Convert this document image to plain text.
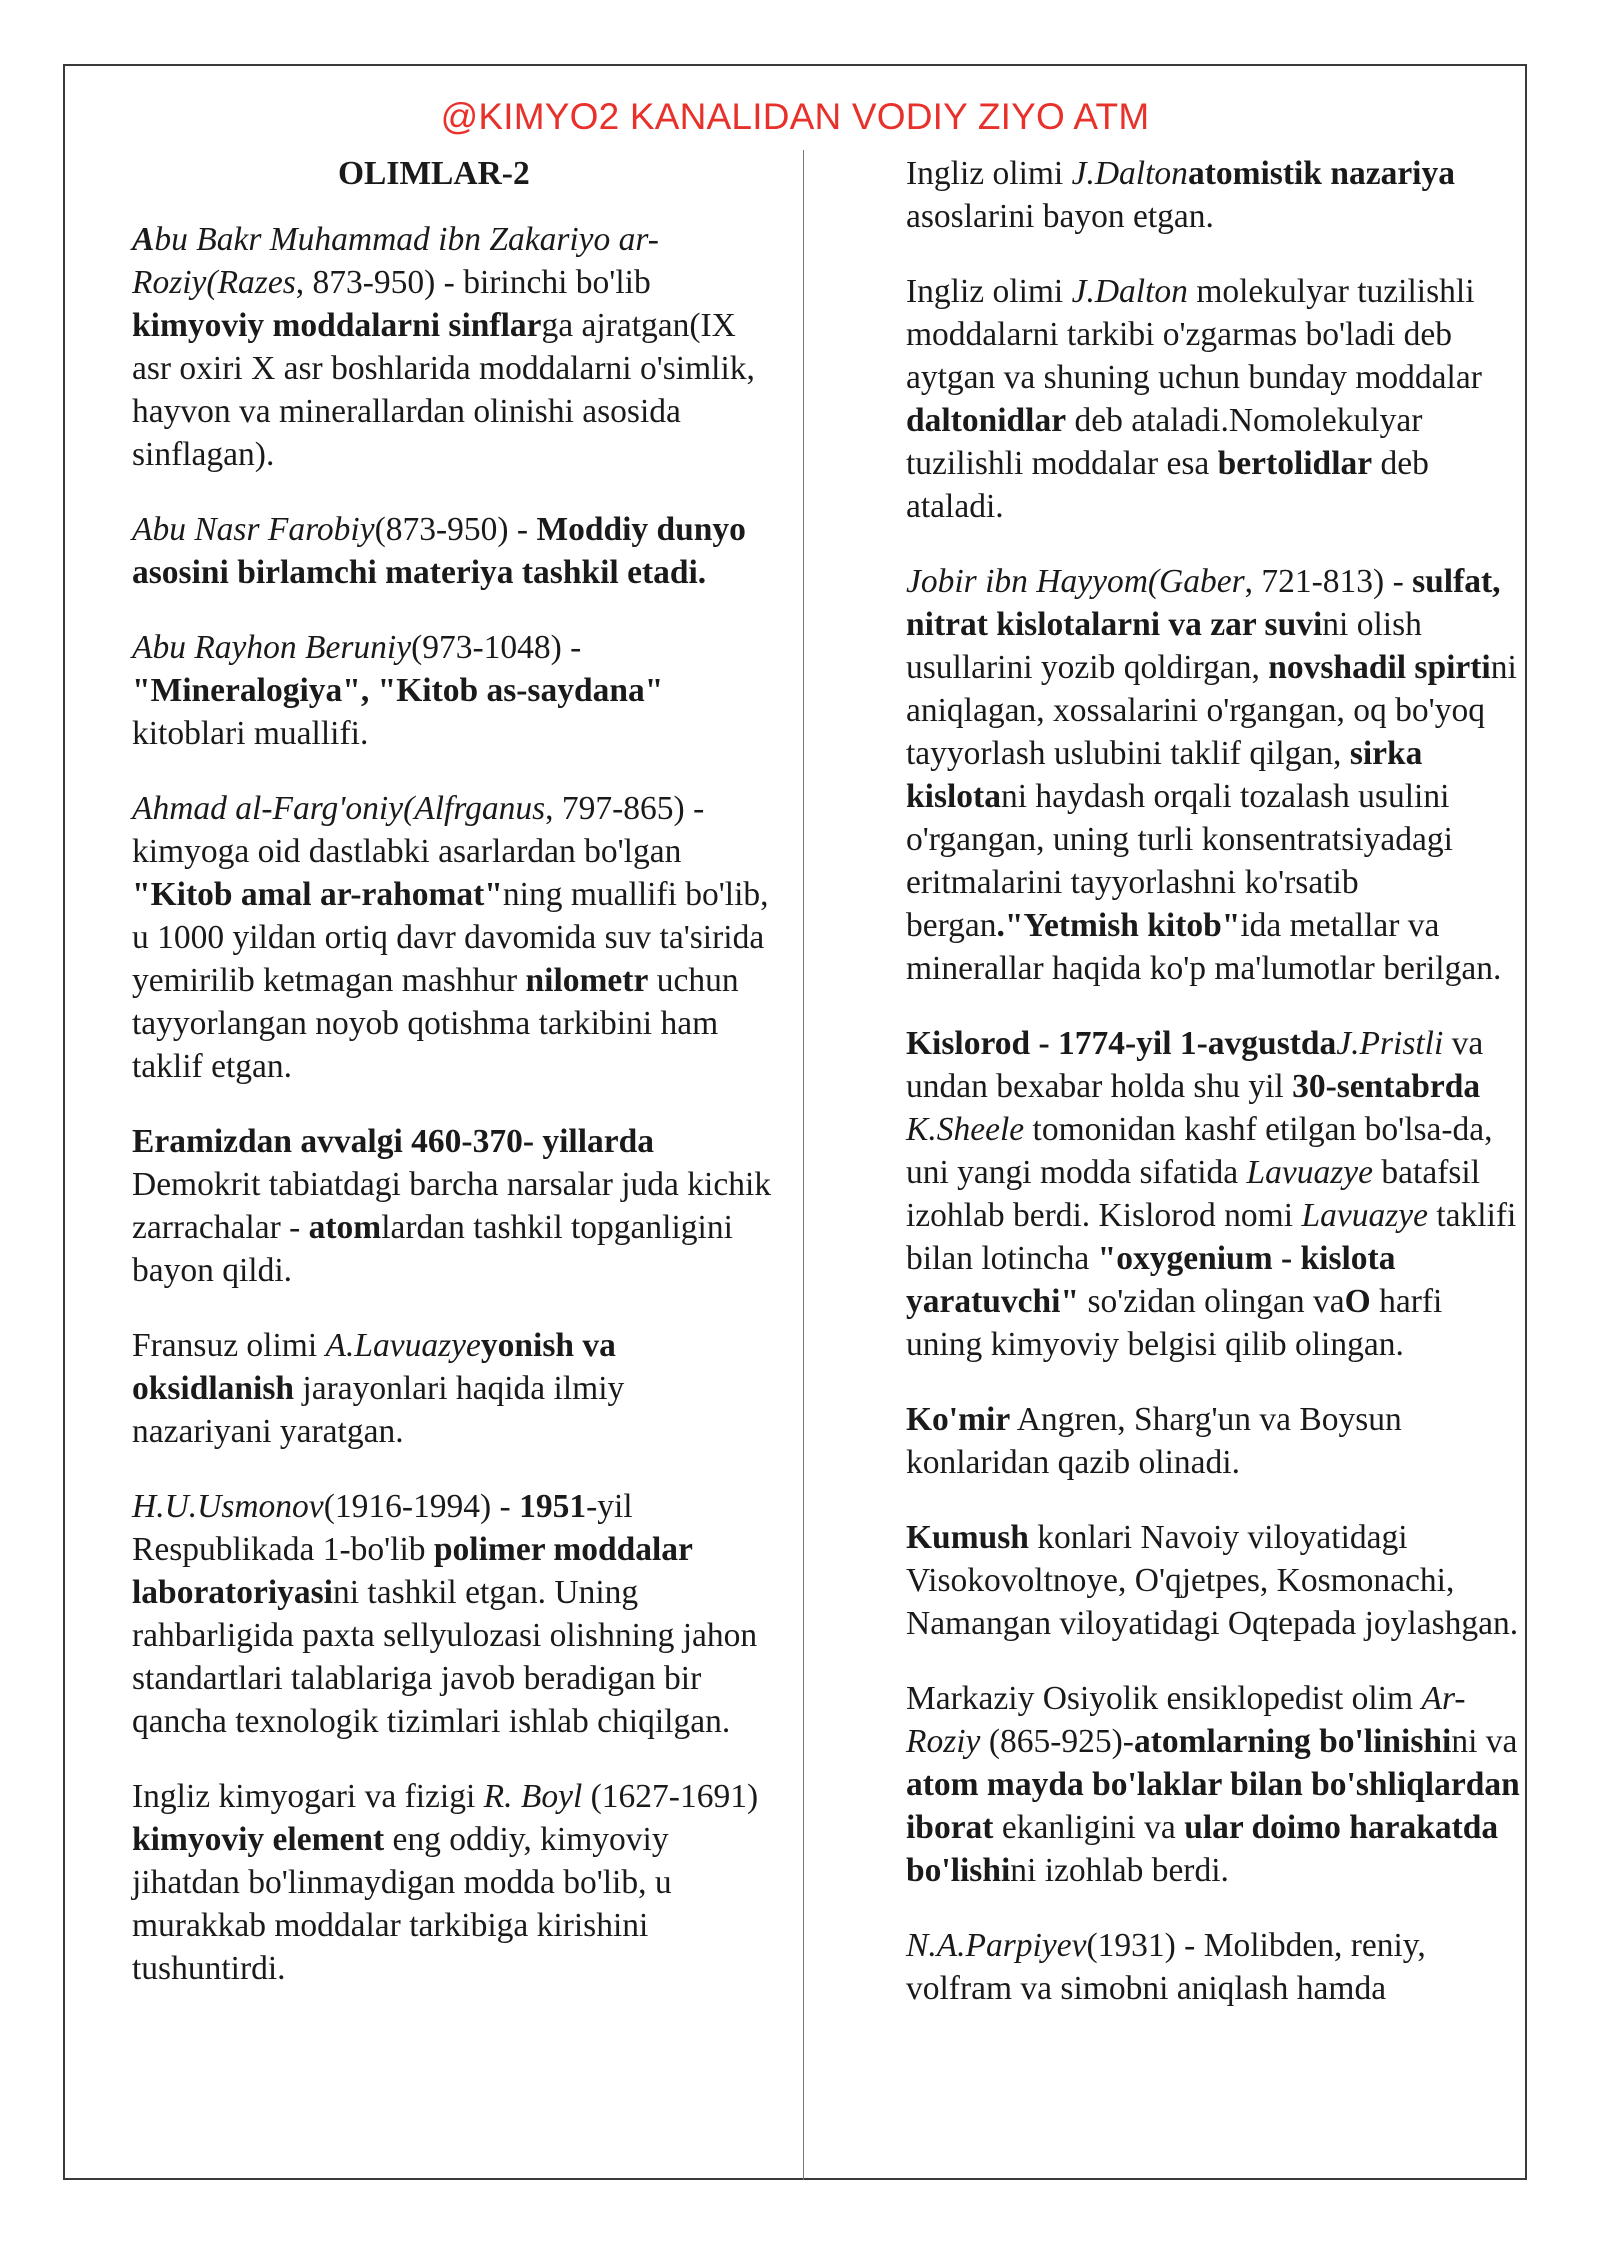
@KIMYO2 KANALIDAN VODIY ZIYO ATM
OLIMLAR-2

Abu Bakr Muhammad ibn Zakariyo ar-Roziy(Razes, 873-950) - birinchi bo'lib kimyoviy moddalarni sinflarga ajratgan(IX asr oxiri X asr boshlarida moddalarni o'simlik, hayvon va minerallardan olinishi asosida sinflagan).

Abu Nasr Farobiy(873-950) - Moddiy dunyo asosini birlamchi materiya tashkil etadi.

Abu Rayhon Beruniy(973-1048) - "Mineralogiya", "Kitob as-saydana" kitoblari muallifi.

Ahmad al-Farg'oniy(Alfrganus, 797-865) - kimyoga oid dastlabki asarlardan bo'lgan "Kitob amal ar-rahomat"ning muallifi bo'lib, u 1000 yildan ortiq davr davomida suv ta'sirida yemirilib ketmagan mashhur nilometr uchun tayyorlangan noyob qotishma tarkibini ham taklif etgan.

Eramizdan avvalgi 460-370- yillarda Demokrit tabiatdagi barcha narsalar juda kichik zarrachalar - atomlardan tashkil topganligini bayon qildi.

Fransuz olimi A.Lavuazyeyonish va oksidlanish jarayonlari haqida ilmiy nazariyani yaratgan.

H.U.Usmonov(1916-1994) - 1951-yil Respublikada 1-bo'lib polimer moddalar laboratoriyasini tashkil etgan. Uning rahbarligida paxta sellyulozasi olishning jahon standartlari talablariga javob beradigan bir qancha texnologik tizimlari ishlab chiqilgan.

Ingliz kimyogari va fizigi R. Boyl (1627-1691) kimyoviy element eng oddiy, kimyoviy jihatdan bo'linmaydigan modda bo'lib, u murakkab moddalar tarkibiga kirishini tushuntirdi.

Ingliz olimi J.Daltonatomistik nazariya asoslarini bayon etgan.

Ingliz olimi J.Dalton molekulyar tuzilishli moddalarni tarkibi o'zgarmas bo'ladi deb aytgan va shuning uchun bunday moddalar daltonidlar deb ataladi.Nomolekulyar tuzilishli moddalar esa bertolidlar deb ataladi.

Jobir ibn Hayyom(Gaber, 721-813) - sulfat, nitrat kislotalarni va zar suvini olish usullarini yozib qoldirgan, novshadil spirtini aniqlagan, xossalarini o'rgangan, oq bo'yoq tayyorlash uslubini taklif qilgan, sirka kislotani haydash orqali tozalash usulini o'rgangan, uning turli konsentratsiyadagi eritmalarini tayyorlashni ko'rsatib bergan."Yetmish kitob"ida metallar va minerallar haqida ko'p ma'lumotlar berilgan.

Kislorod - 1774-yil 1-avgustdaJ.Pristli va undan bexabar holda shu yil 30-sentabrda K.Sheele tomonidan kashf etilgan bo'lsa-da, uni yangi modda sifatida Lavuazye batafsil izohlab berdi. Kislorod nomi Lavuazye taklifi bilan lotincha "oxygenium - kislota yaratuvchi" so'zidan olingan vaO harfi uning kimyoviy belgisi qilib olingan.

Ko'mir Angren, Sharg'un va Boysun konlaridan qazib olinadi.

Kumush konlari Navoiy viloyatidagi Visokovoltnoye, O'qjetpes, Kosmonachi, Namangan viloyatidagi Oqtepada joylashgan.

Markaziy Osiyolik ensiklopedist olim Ar-Roziy (865-925)-atomlarning bo'linishini va atom mayda bo'laklar bilan bo'shliqlardan iborat ekanligini va ular doimo harakatda bo'lishini izohlab berdi.

N.A.Parpiyev(1931) - Molibden, reniy, volfram va simobni aniqlash hamda
